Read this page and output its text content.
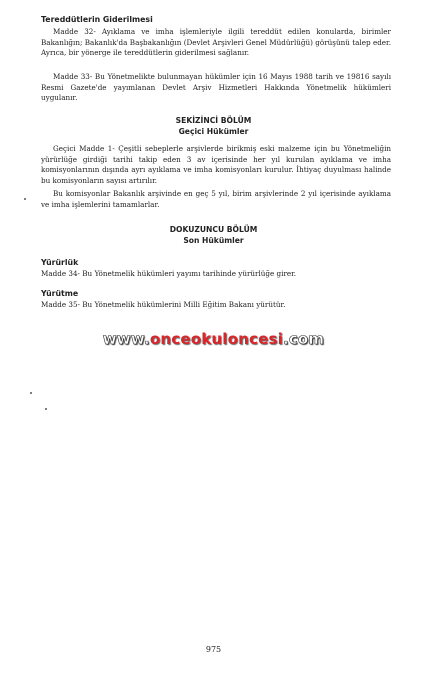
Tereddütlerin Giderilmesi
Madde 32- Ayıklama ve imha işlemleriyle ilgili tereddüt edilen konularda, birimler Bakanlığın; Bakanlık'da Başbakanlığın (Devlet Arşivleri Genel Müdürlüğü) görüşünü talep eder. Ayrıca, bir yönerge ile tereddütlerin giderilmesi sağlanır.
Madde 33- Bu Yönetmelikte bulunmayan hükümler için 16 Mayıs 1988 tarih ve 19816 sayılı Resmi Gazete'de yayımlanan Devlet Arşiv Hizmetleri Hakkında Yönetmelik hükümleri uygulanır.
SEKİZİNCİ BÖLÜM
Geçici Hükümler
Geçici Madde 1- Çeşitli sebeplerle arşivlerde birikmiş eski malzeme için bu Yönetmeliğin yürürlüğe girdiği tarihi takip eden 3 av içerisinde her yıl kurulan ayıklama ve imha komisyonlarının dışında ayrı ayıklama ve imha komisyonları kurulur. İhtiyaç duyulması halinde bu komisyonların sayısı artırılır.
Bu komisyonlar Bakanlık arşivinde en geç 5 yıl, birim arşivlerinde 2 yıl içerisinde ayıklama ve imha işlemlerini tamamlarlar.
DOKUZUNCU BÖLÜM
Son Hükümler
Yürürlük
Madde 34- Bu Yönetmelik hükümleri yayımı tarihinde yürürlüğe girer.
Yürütme
Madde 35- Bu Yönetmelik hükümlerini Milli Eğitim Bakanı yürütür.
www.onceokuloncesi.com
975
